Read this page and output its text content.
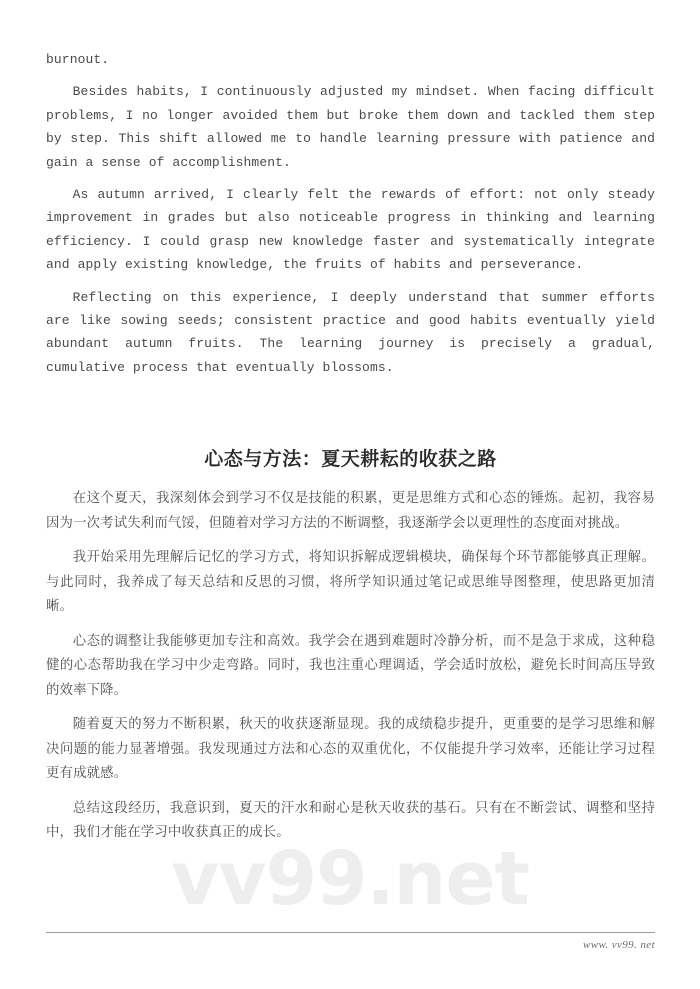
vv99.net

burnout.

Besides habits, I continuously adjusted my mindset. When facing difficult problems, I no longer avoided them but broke them down and tackled them step by step. This shift allowed me to handle learning pressure with patience and gain a sense of accomplishment.

As autumn arrived, I clearly felt the rewards of effort: not only steady improvement in grades but also noticeable progress in thinking and learning efficiency. I could grasp new knowledge faster and systematically integrate and apply existing knowledge, the fruits of habits and perseverance.

Reflecting on this experience, I deeply understand that summer efforts are like sowing seeds; consistent practice and good habits eventually yield abundant autumn fruits. The learning journey is precisely a gradual, cumulative process that eventually blossoms.

心态与方法：夏天耕耘的收获之路

在这个夏天，我深刻体会到学习不仅是技能的积累，更是思维方式和心态的锤炼。起初，我容易因为一次考试失利而气馁，但随着对学习方法的不断调整，我逐渐学会以更理性的态度面对挑战。

我开始采用先理解后记忆的学习方式，将知识拆解成逻辑模块，确保每个环节都能够真正理解。与此同时，我养成了每天总结和反思的习惯，将所学知识通过笔记或思维导图整理，使思路更加清晰。

心态的调整让我能够更加专注和高效。我学会在遇到难题时冷静分析，而不是急于求成，这种稳健的心态帮助我在学习中少走弯路。同时，我也注重心理调适，学会适时放松，避免长时间高压导致的效率下降。

随着夏天的努力不断积累，秋天的收获逐渐显现。我的成绩稳步提升，更重要的是学习思维和解决问题的能力显著增强。我发现通过方法和心态的双重优化，不仅能提升学习效率，还能让学习过程更有成就感。

总结这段经历，我意识到，夏天的汗水和耐心是秋天收获的基石。只有在不断尝试、调整和坚持中，我们才能在学习中收获真正的成长。

www. vv99. net
